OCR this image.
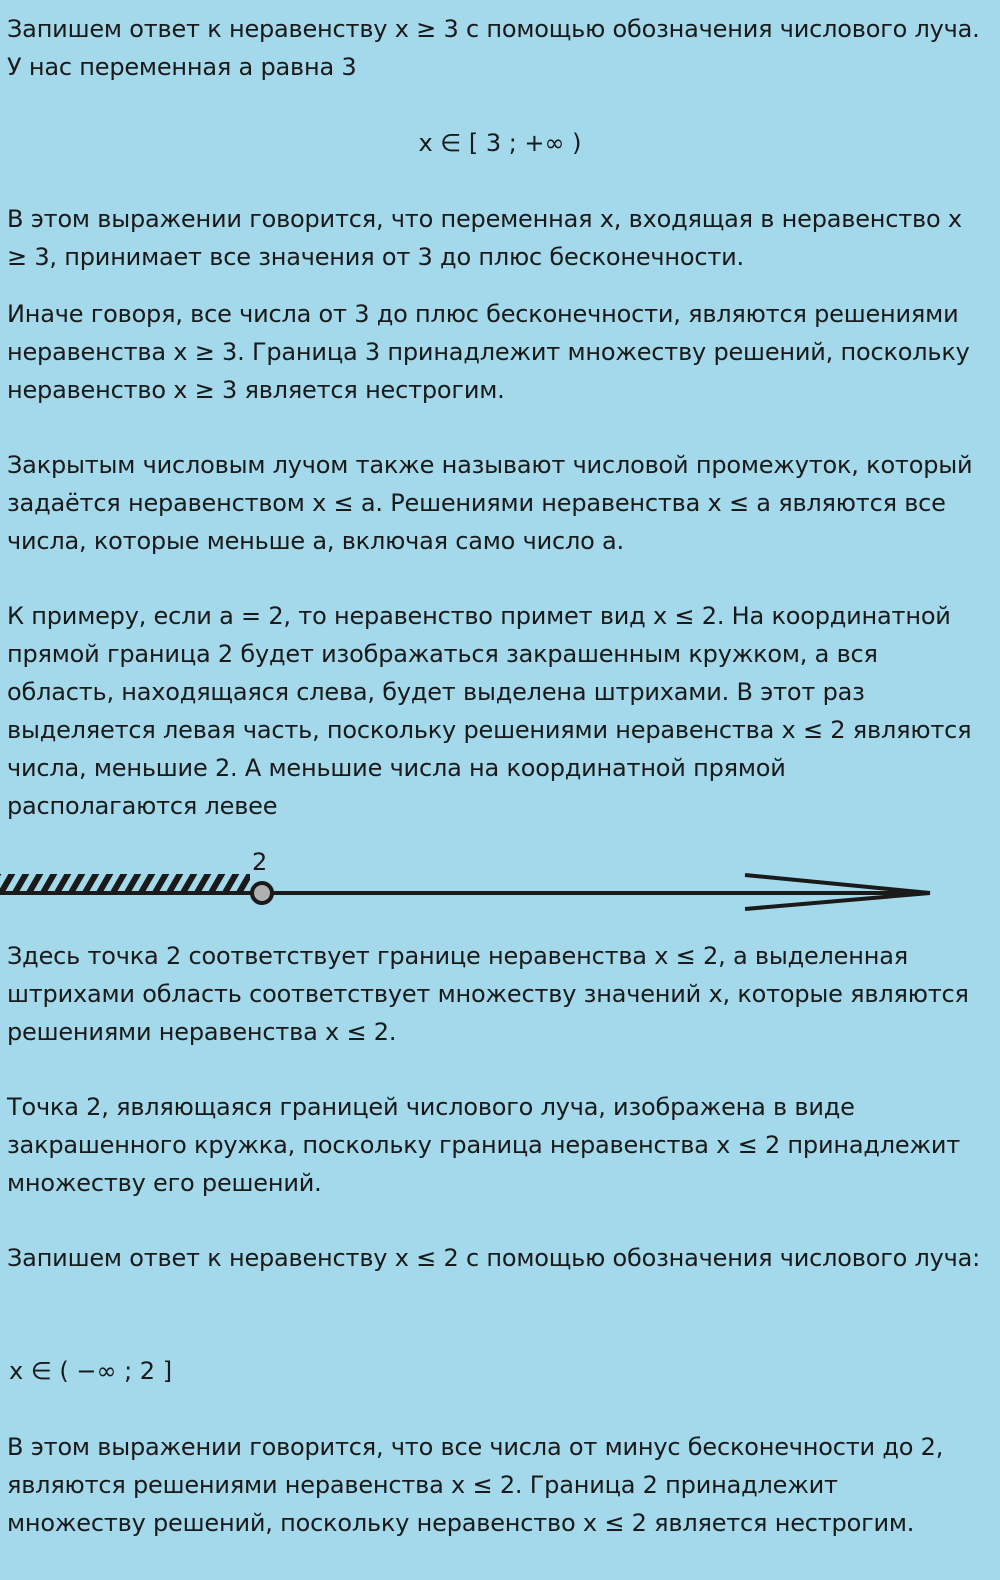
Запишем ответ к неравенству x ≥ 3 с помощью обозначения числового луча. У нас переменная a равна 3
x ∈ [ 3 ; +∞ )
В этом выражении говорится, что переменная x, входящая в неравенство x ≥ 3, принимает все значения от 3 до плюс бесконечности.
Иначе говоря, все числа от 3 до плюс бесконечности, являются решениями неравенства x ≥ 3. Граница 3 принадлежит множеству решений, поскольку неравенство x ≥ 3 является нестрогим.
Закрытым числовым лучом также называют числовой промежуток, который задаётся неравенством x ≤ a. Решениями неравенства x ≤ a являются все числа, которые меньше a, включая само число a.
К примеру, если a = 2, то неравенство примет вид x ≤ 2. На координатной прямой граница 2 будет изображаться закрашенным кружком, а вся область, находящаяся слева, будет выделена штрихами. В этот раз выделяется левая часть, поскольку решениями неравенства x ≤ 2 являются числа, меньшие 2. А меньшие числа на координатной прямой располагаются левее
2
Здесь точка 2 соответствует границе неравенства x ≤ 2, а выделенная штрихами область соответствует множеству значений x, которые являются решениями неравенства x ≤ 2.
Точка 2, являющаяся границей числового луча, изображена в виде закрашенного кружка, поскольку граница неравенства x ≤ 2 принадлежит множеству его решений.
Запишем ответ к неравенству x ≤ 2 с помощью обозначения числового луча:
x ∈ ( −∞ ; 2 ]
В этом выражении говорится, что все числа от минус бесконечности до 2, являются решениями неравенства x ≤ 2. Граница 2 принадлежит множеству решений, поскольку неравенство x ≤ 2 является нестрогим.
